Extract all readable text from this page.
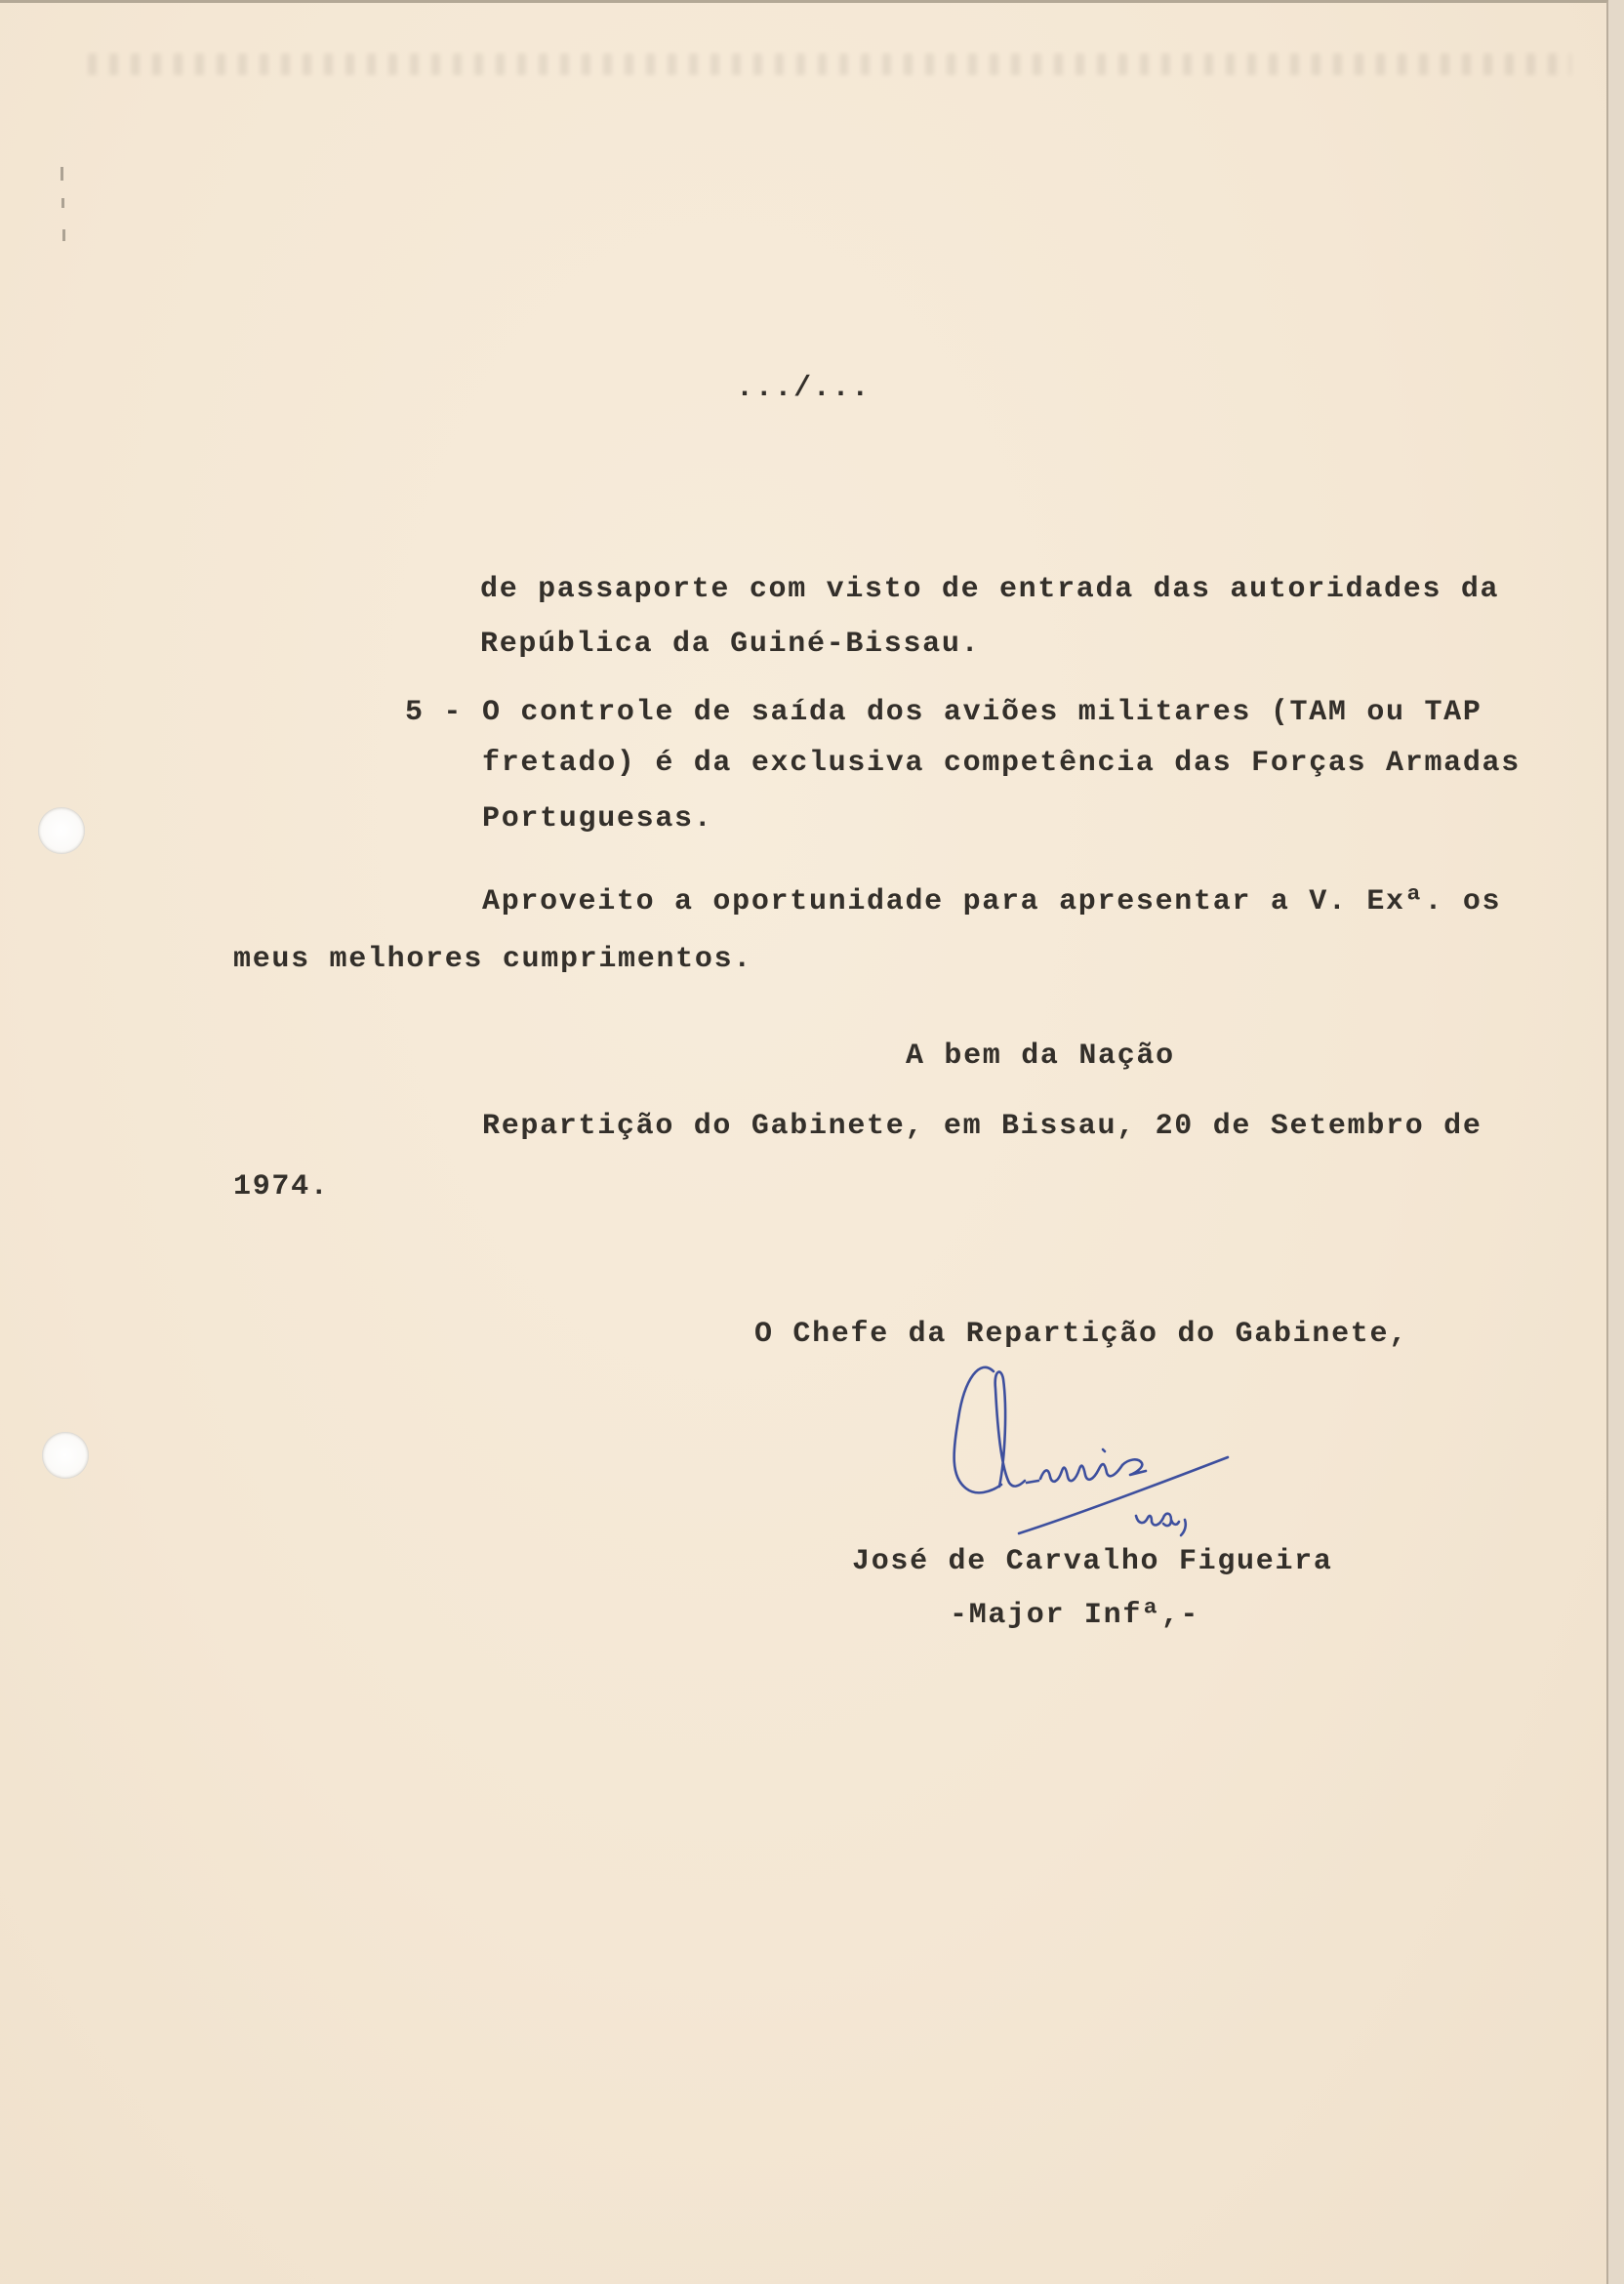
.../...

de passaporte com visto de entrada das autoridades da

República da Guiné-Bissau.

5 - O controle de saída dos aviões militares (TAM ou TAP

fretado) é da exclusiva competência das Forças Armadas

Portuguesas.

Aproveito a oportunidade para apresentar a V. Exª. os

meus melhores cumprimentos.

A bem da Nação

Repartição do Gabinete, em Bissau, 20 de Setembro de

1974.

O Chefe da Repartição do Gabinete,

José de Carvalho Figueira

-Major Infª,-
